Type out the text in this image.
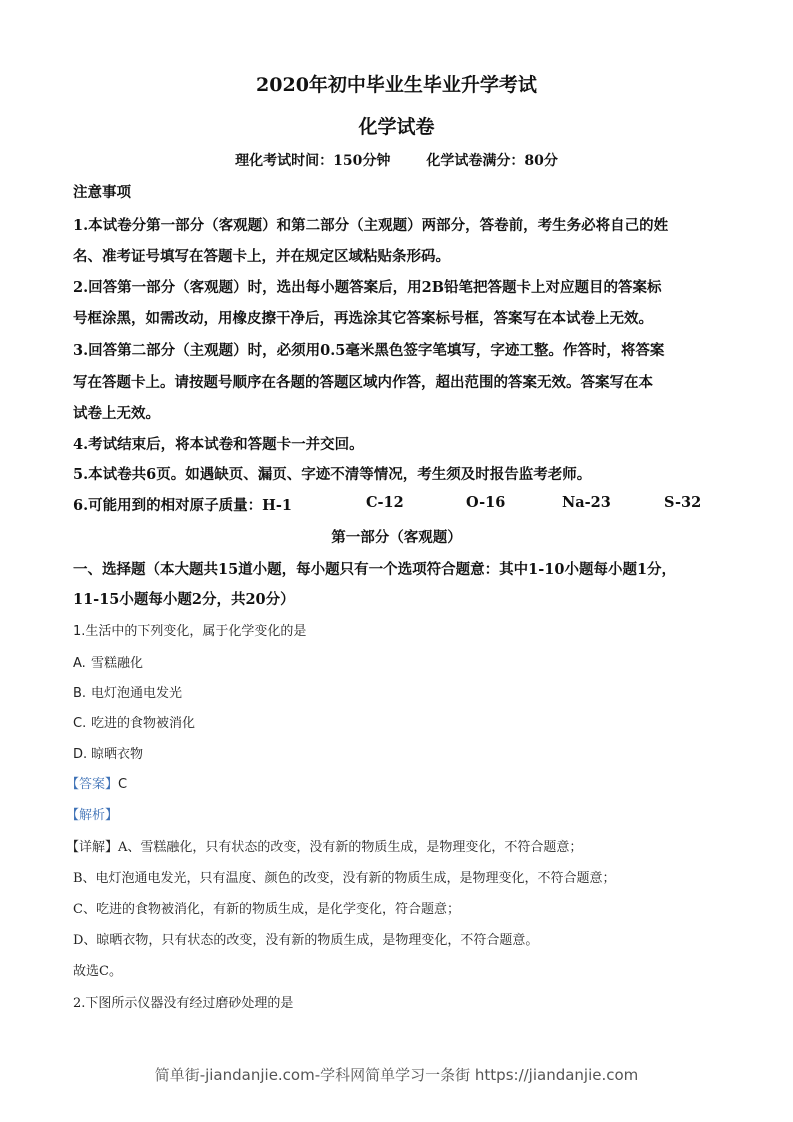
2020年初中毕业生毕业升学考试
化学试卷
理化考试时间：150分钟	化学试卷满分：80分
注意事项
1.本试卷分第一部分（客观题）和第二部分（主观题）两部分，答卷前，考生务必将自己的姓
名、准考证号填写在答题卡上，并在规定区域粘贴条形码。
2.回答第一部分（客观题）时，选出每小题答案后，用2B铅笔把答题卡上对应题目的答案标
号框涂黑，如需改动，用橡皮擦干净后，再选涂其它答案标号框，答案写在本试卷上无效。
3.回答第二部分（主观题）时，必须用0.5毫米黑色签字笔填写，字迹工整。作答时，将答案
写在答题卡上。请按题号顺序在各题的答题区域内作答，超出范围的答案无效。答案写在本
试卷上无效。
4.考试结束后，将本试卷和答题卡一并交回。
5.本试卷共6页。如遇缺页、漏页、字迹不清等情况，考生须及时报告监考老师。
6.可能用到的相对原子质量：H-1	C-12	O-16	Na-23	S-32
第一部分（客观题）
一、选择题（本大题共15道小题，每小题只有一个选项符合题意：其中1-10小题每小题1分，
11-15小题每小题2分，共20分）
1.生活中的下列变化，属于化学变化的是
A. 雪糕融化
B. 电灯泡通电发光
C. 吃进的食物被消化
D. 晾晒衣物
【答案】C
【解析】
【详解】A、雪糕融化，只有状态的改变，没有新的物质生成，是物理变化，不符合题意；
B、电灯泡通电发光，只有温度、颜色的改变，没有新的物质生成，是物理变化，不符合题意；
C、吃进的食物被消化，有新的物质生成，是化学变化，符合题意；
D、晾晒衣物，只有状态的改变，没有新的物质生成，是物理变化，不符合题意。
故选C。
2.下图所示仪器没有经过磨砂处理的是
简单街-jiandanjie.com-学科网简单学习一条街 https://jiandanjie.com
